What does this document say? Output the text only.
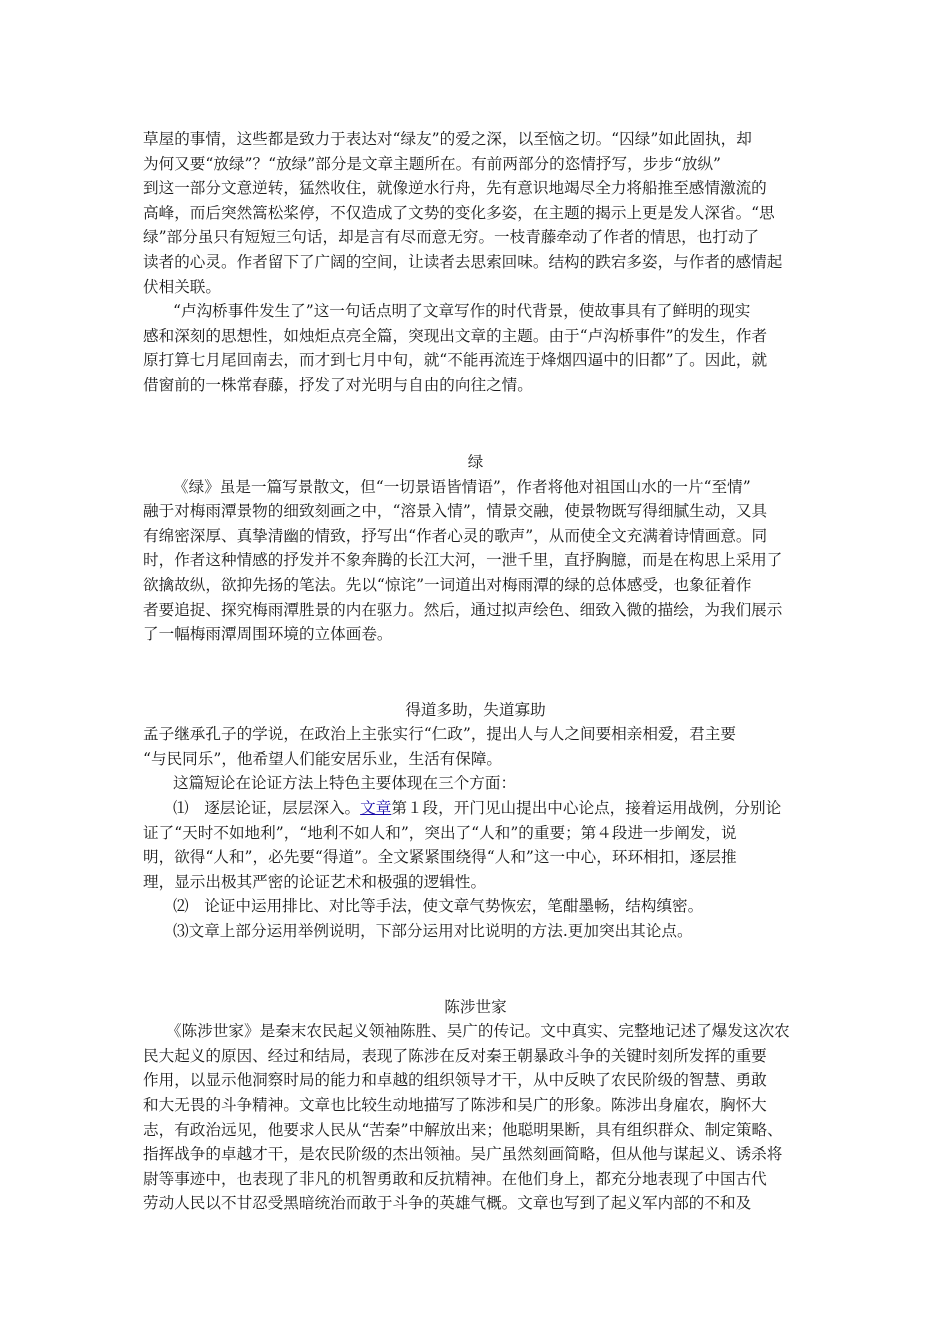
草屋的事情，这些都是致力于表达对“绿友”的爱之深，以至恼之切。“囚绿”如此固执，却
为何又要“放绿”？“放绿”部分是文章主题所在。有前两部分的恣情抒写，步步“放纵”
到这一部分文意逆转，猛然收住，就像逆水行舟，先有意识地竭尽全力将船推至感情激流的
高峰，而后突然篙松桨停，不仅造成了文势的变化多姿，在主题的揭示上更是发人深省。“思
绿”部分虽只有短短三句话，却是言有尽而意无穷。一枝青藤牵动了作者的情思，也打动了
读者的心灵。作者留下了广阔的空间，让读者去思索回味。结构的跌宕多姿，与作者的感情起
伏相关联。
“卢沟桥事件发生了”这一句话点明了文章写作的时代背景，使故事具有了鲜明的现实
感和深刻的思想性，如烛炬点亮全篇，突现出文章的主题。由于“卢沟桥事件”的发生，作者
原打算七月尾回南去，而才到七月中旬，就“不能再流连于烽烟四逼中的旧都”了。因此，就
借窗前的一株常春藤，抒发了对光明与自由的向往之情。
绿
《绿》虽是一篇写景散文，但“一切景语皆情语”，作者将他对祖国山水的一片“至情”
融于对梅雨潭景物的细致刻画之中，“溶景入情”，情景交融，使景物既写得细腻生动，又具
有绵密深厚、真挚清幽的情致，抒写出“作者心灵的歌声”，从而使全文充满着诗情画意。同
时，作者这种情感的抒发并不象奔腾的长江大河，一泄千里，直抒胸臆，而是在构思上采用了
欲擒故纵，欲抑先扬的笔法。先以“惊诧”一词道出对梅雨潭的绿的总体感受，也象征着作
者要追捉、探究梅雨潭胜景的内在驱力。然后，通过拟声绘色、细致入微的描绘，为我们展示
了一幅梅雨潭周围环境的立体画卷。
得道多助，失道寡助
孟子继承孔子的学说，在政治上主张实行“仁政”，提出人与人之间要相亲相爱，君主要
“与民同乐”，他希望人们能安居乐业，生活有保障。
这篇短论在论证方法上特色主要体现在三个方面：
⑴　逐层论证，层层深入。文章第１段，开门见山提出中心论点，接着运用战例，分别论
证了“天时不如地利”，“地利不如人和”，突出了“人和”的重要；第４段进一步阐发，说
明，欲得“人和”，必先要“得道”。全文紧紧围绕得“人和”这一中心，环环相扣，逐层推
理，显示出极其严密的论证艺术和极强的逻辑性。
⑵　论证中运用排比、对比等手法，使文章气势恢宏，笔酣墨畅，结构缜密。
⑶文章上部分运用举例说明，下部分运用对比说明的方法.更加突出其论点。
陈涉世家
《陈涉世家》是秦末农民起义领袖陈胜、吴广的传记。文中真实、完整地记述了爆发这次农
民大起义的原因、经过和结局，表现了陈涉在反对秦王朝暴政斗争的关键时刻所发挥的重要
作用，以显示他洞察时局的能力和卓越的组织领导才干，从中反映了农民阶级的智慧、勇敢
和大无畏的斗争精神。文章也比较生动地描写了陈涉和吴广的形象。陈涉出身雇农，胸怀大
志，有政治远见，他要求人民从“苦秦”中解放出来；他聪明果断，具有组织群众、制定策略、
指挥战争的卓越才干，是农民阶级的杰出领袖。吴广虽然刻画简略，但从他与谋起义、诱杀将
尉等事迹中，也表现了非凡的机智勇敢和反抗精神。在他们身上，都充分地表现了中国古代
劳动人民以不甘忍受黑暗统治而敢于斗争的英雄气概。文章也写到了起义军内部的不和及
